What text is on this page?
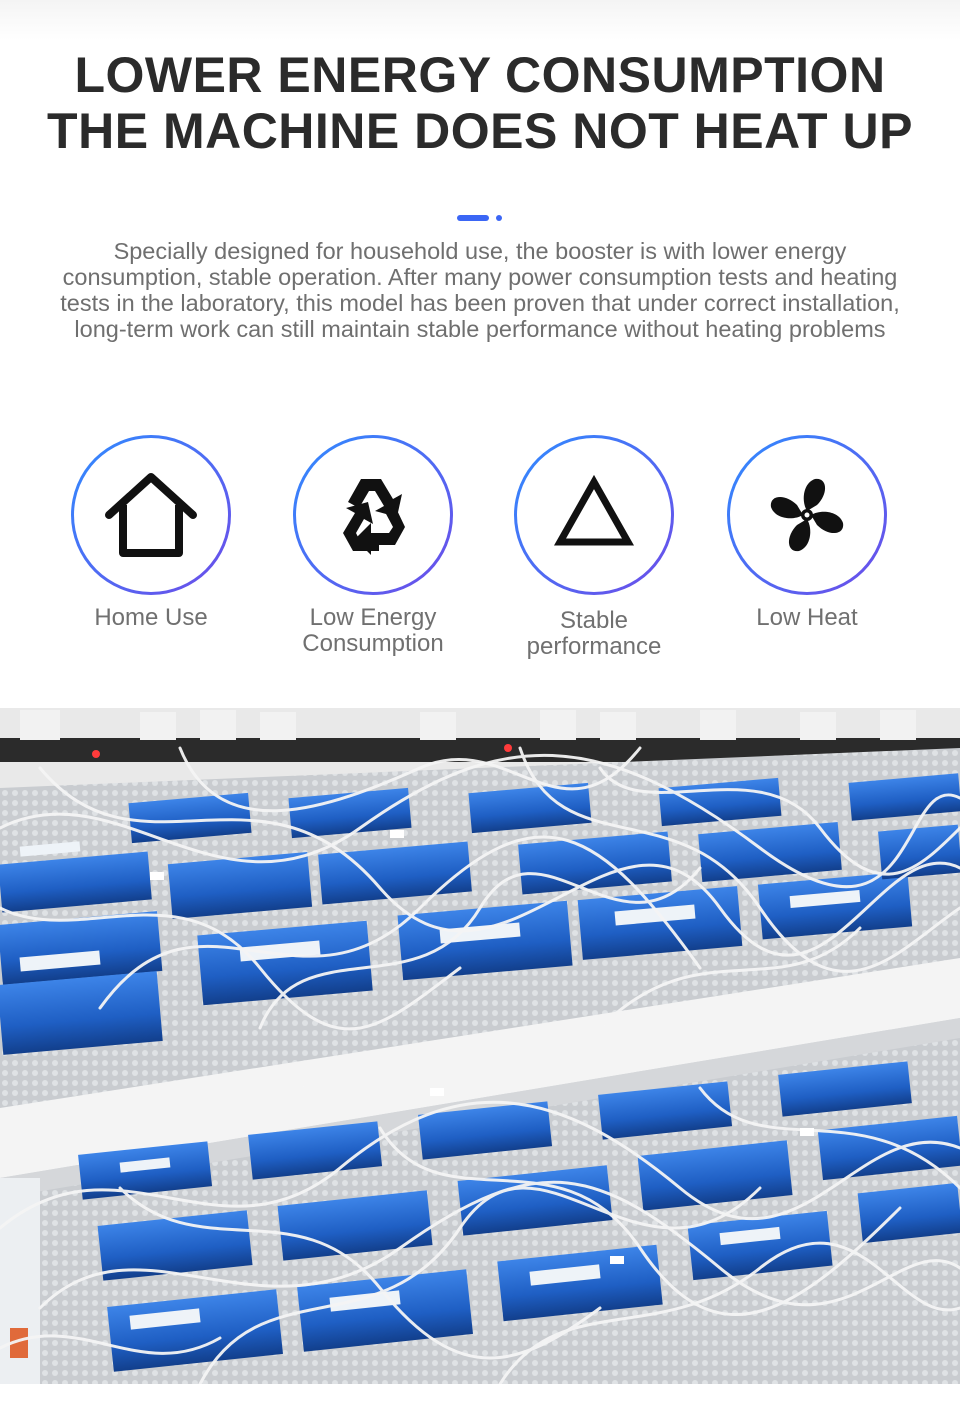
LOWER ENERGY CONSUMPTION
THE MACHINE DOES NOT HEAT UP
Specially designed for household use, the booster is with lower energy consumption, stable operation. After many power consumption tests and heating tests in the laboratory, this model has been proven that under correct installation, long-term work can still maintain stable performance without heating problems
Home Use	Low Energy Consumption
Stable performance
Low Heat
